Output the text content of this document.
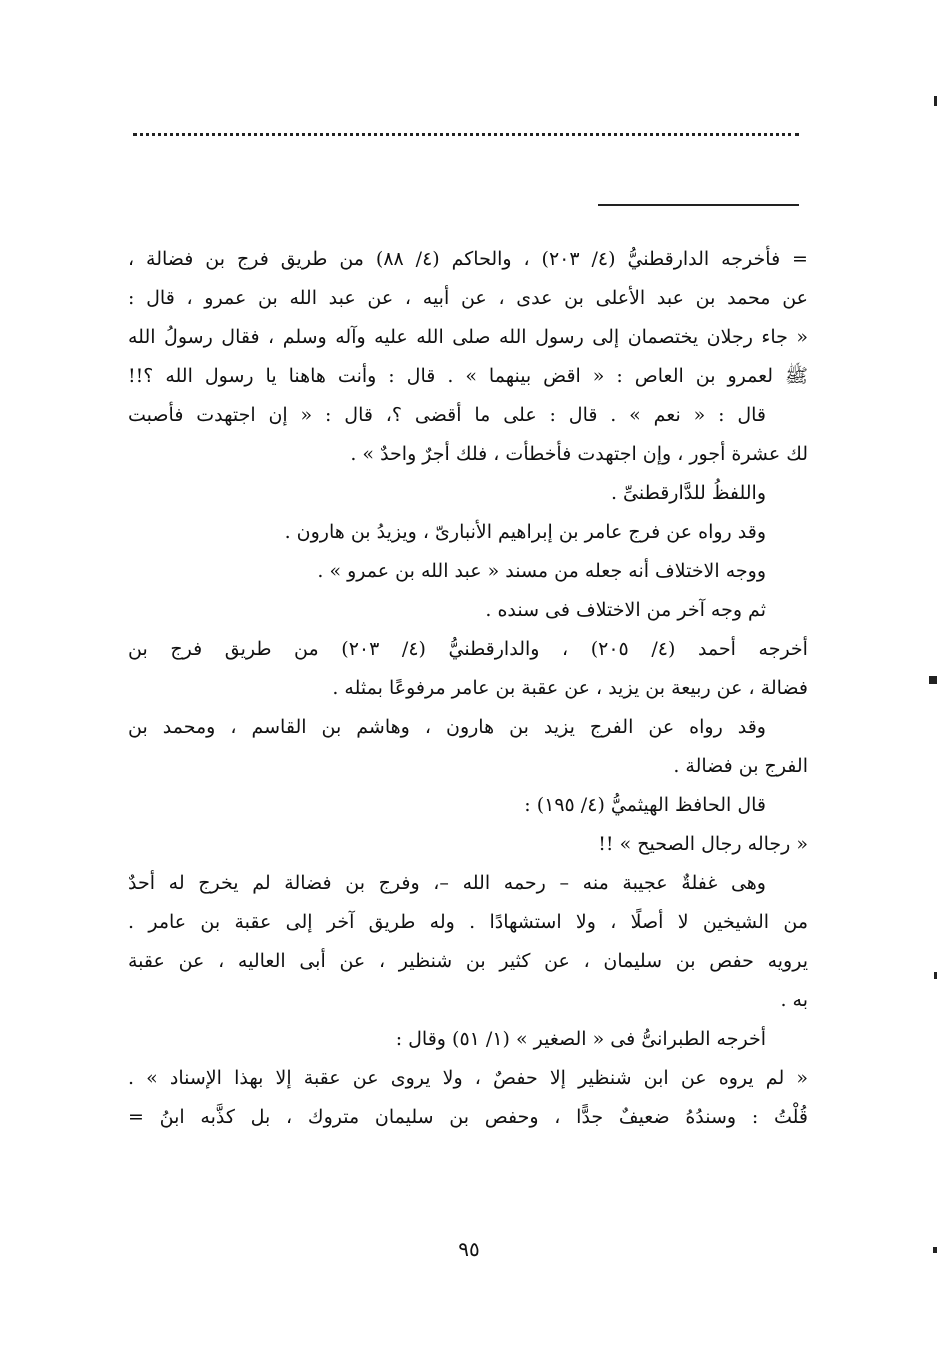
= فأخرجه الدارقطنيُّ (٤/ ٢٠٣) ، والحاكم (٤/ ٨٨) من طريق فرج بن فضالة ،
عن محمد بن عبد الأعلى بن عدى ، عن أبيه ، عن عبد الله بن عمرو ، قال :
« جاء رجلان يختصمان إلى رسول الله صلى الله عليه وآله وسلم ، فقال رسولُ الله
ﷺ لعمرو بن العاص : « اقض بينهما » . قال : وأنت هاهنا يا رسول الله ؟!!
قال : « نعم » . قال : على ما أقضى ؟، قال : « إن اجتهدت فأصبت
لك عشرة أجور ، وإن اجتهدت فأخطأت ، فلك أجرٌ واحدٌ » .
واللفظُ للدَّارقطنىِّ .
وقد رواه عن فرج عامر بن إبراهيم الأنبارىّ ، ويزيدُ بن هارون .
ووجه الاختلاف أنه جعله من مسند « عبد الله بن عمرو » .
ثم وجه آخر من الاختلاف فى سنده .
أخرجه أحمد (٤/ ٢٠٥) ، والدارقطنيُّ (٤/ ٢٠٣) من طريق فرج بن
فضالة ، عن ربيعة بن يزيد ، عن عقبة بن عامر مرفوعًا بمثله .
وقد رواه عن الفرج يزيد بن هارون ، وهاشم بن القاسم ، ومحمد بن
الفرج بن فضالة .
قال الحافظ الهيثميُّ (٤/ ١٩٥) :
« رجاله رجال الصحيح » !!
وهى غفلةٌ عجيبة منه – رحمه الله –، وفرج بن فضالة لم يخرج له أحدٌ
من الشيخين لا أصلًا ، ولا استشهادًا . وله طريق آخر إلى عقبة بن عامر .
يرويه حفص بن سليمان ، عن كثير بن شنظير ، عن أبى العاليه ، عن عقبة
به .
أخرجه الطبرانىُّ فى « الصغير » (١/ ٥١) وقال :
« لم يروه عن ابن شنظير إلا حفصٌ ، ولا يروى عن عقبة إلا بهذا الإسناد » .
قُلْتُ : وسندُهُ ضعيفٌ جدًّا ، وحفص بن سليمان متروك ، بل كذَّبه ابنُ =
٩٥
